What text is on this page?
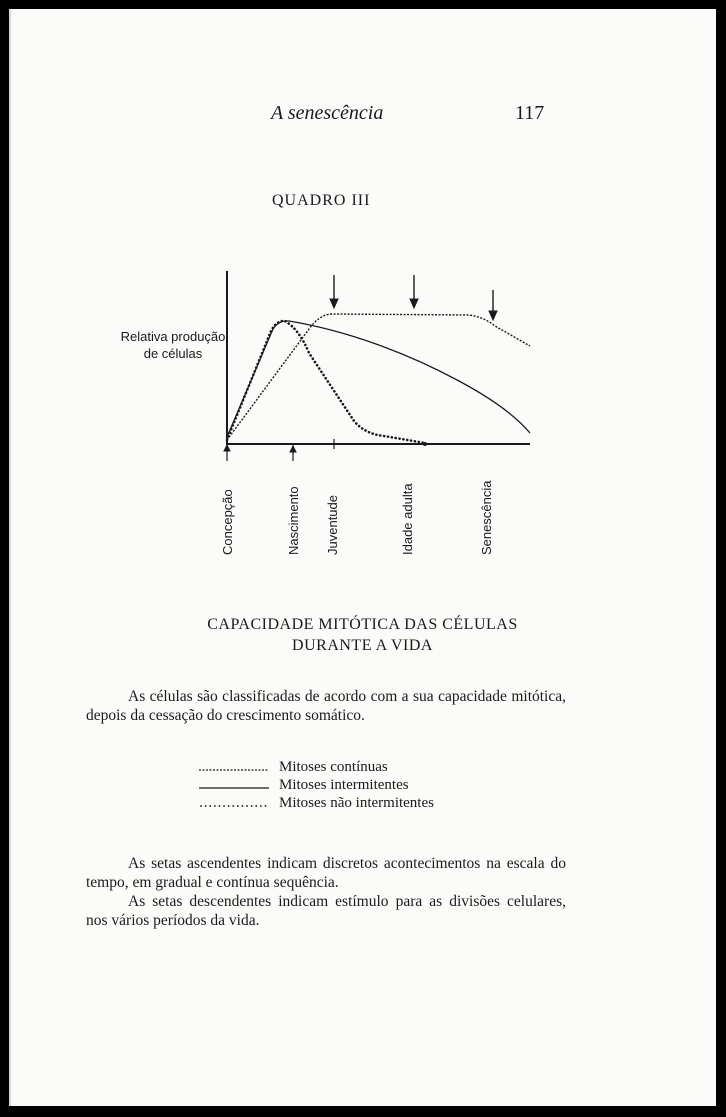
A senescência	117
QUADRO III
Relativa produção
de células
Concepção	Nascimento Juventude	Idade adulta	Senescência
CAPACIDADE MITÓTICA DAS CÉLULAS
DURANTE A VIDA
As células são classificadas de acordo com a sua capacidade mitótica, depois da cessação do crescimento somático.
Mitoses contínuas
Mitoses intermitentes
Mitoses não intermitentes
As setas ascendentes indicam discretos acontecimentos na escala do tempo, em gradual e contínua sequência.
As setas descendentes indicam estímulo para as divisões celulares, nos vários períodos da vida.
